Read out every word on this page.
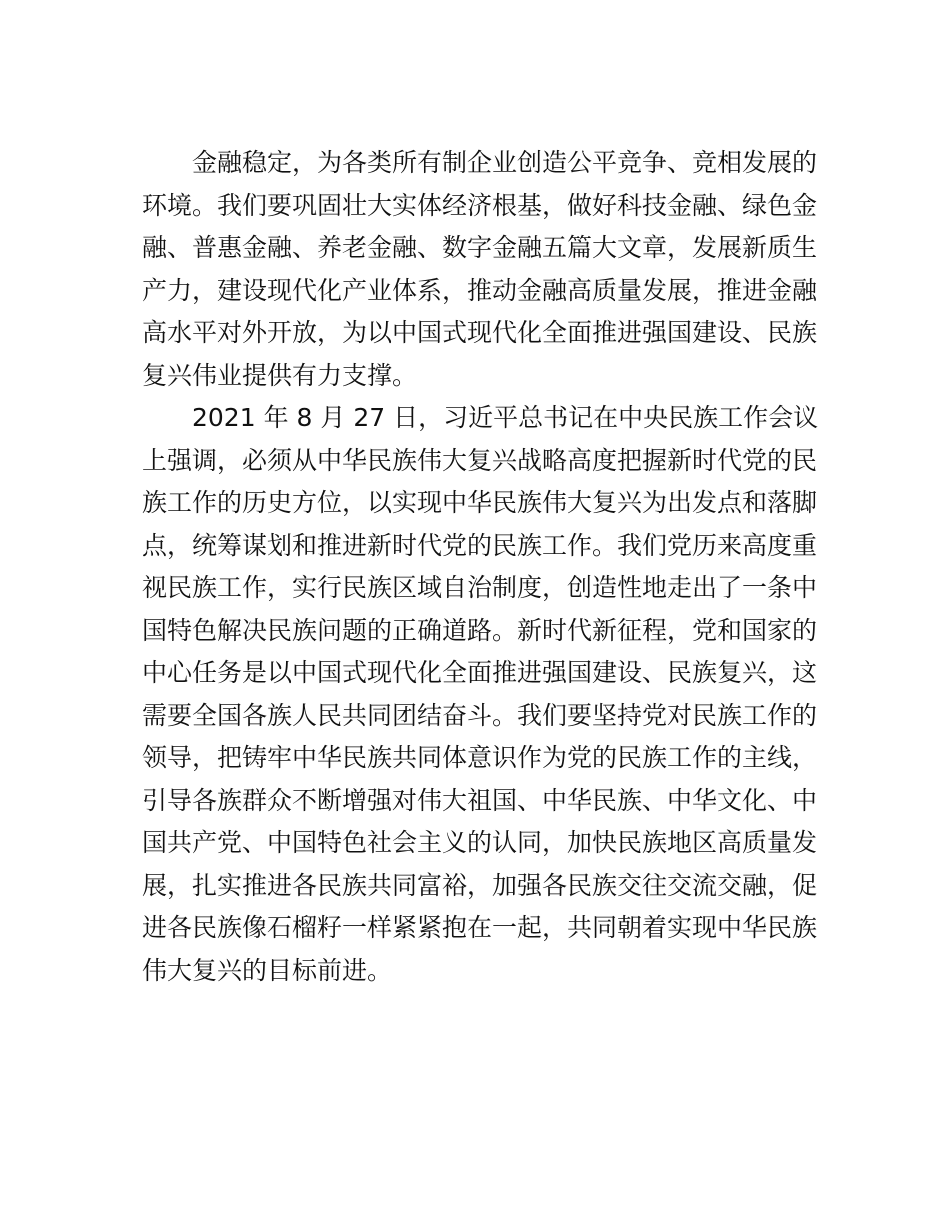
金融稳定，为各类所有制企业创造公平竞争、竞相发展的
环境。我们要巩固壮大实体经济根基，做好科技金融、绿色金
融、普惠金融、养老金融、数字金融五篇大文章，发展新质生
产力，建设现代化产业体系，推动金融高质量发展，推进金融
高水平对外开放，为以中国式现代化全面推进强国建设、民族
复兴伟业提供有力支撑。
2021 年 8 月 27 日，习近平总书记在中央民族工作会议
上强调，必须从中华民族伟大复兴战略高度把握新时代党的民
族工作的历史方位，以实现中华民族伟大复兴为出发点和落脚
点，统筹谋划和推进新时代党的民族工作。我们党历来高度重
视民族工作，实行民族区域自治制度，创造性地走出了一条中
国特色解决民族问题的正确道路。新时代新征程，党和国家的
中心任务是以中国式现代化全面推进强国建设、民族复兴，这
需要全国各族人民共同团结奋斗。我们要坚持党对民族工作的
领导，把铸牢中华民族共同体意识作为党的民族工作的主线，
引导各族群众不断增强对伟大祖国、中华民族、中华文化、中
国共产党、中国特色社会主义的认同，加快民族地区高质量发
展，扎实推进各民族共同富裕，加强各民族交往交流交融，促
进各民族像石榴籽一样紧紧抱在一起，共同朝着实现中华民族
伟大复兴的目标前进。
